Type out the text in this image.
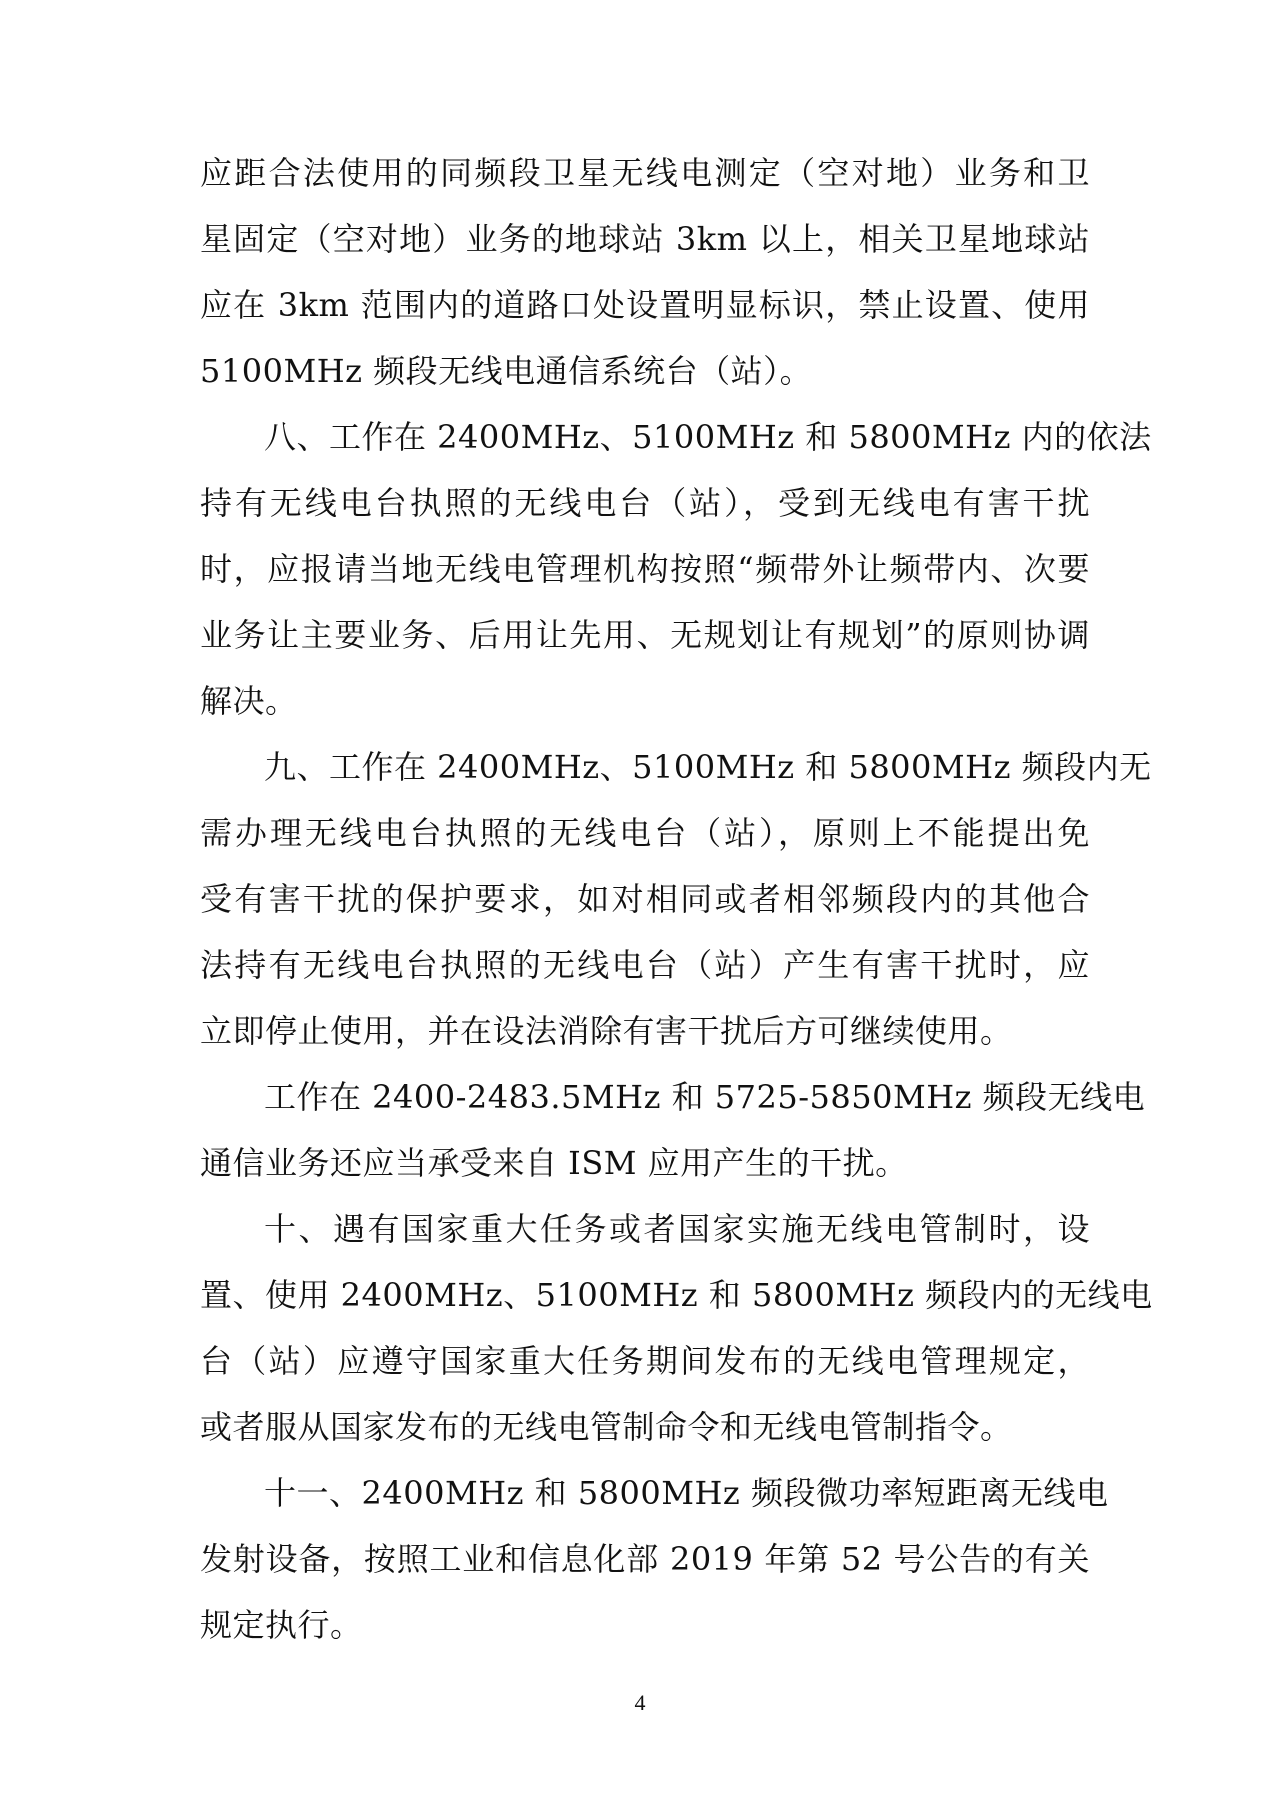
应距合法使用的同频段卫星无线电测定（空对地）业务和卫
星固定（空对地）业务的地球站 3km 以上，相关卫星地球站
应在 3km 范围内的道路口处设置明显标识，禁止设置、使用
5100MHz 频段无线电通信系统台（站）。
八、工作在 2400MHz、5100MHz 和 5800MHz 内的依法
持有无线电台执照的无线电台（站），受到无线电有害干扰
时，应报请当地无线电管理机构按照“频带外让频带内、次要
业务让主要业务、后用让先用、无规划让有规划”的原则协调
解决。
九、工作在 2400MHz、5100MHz 和 5800MHz 频段内无
需办理无线电台执照的无线电台（站），原则上不能提出免
受有害干扰的保护要求，如对相同或者相邻频段内的其他合
法持有无线电台执照的无线电台（站）产生有害干扰时，应
立即停止使用，并在设法消除有害干扰后方可继续使用。
工作在 2400-2483.5MHz 和 5725-5850MHz 频段无线电
通信业务还应当承受来自 ISM 应用产生的干扰。
十、遇有国家重大任务或者国家实施无线电管制时，设
置、使用 2400MHz、5100MHz 和 5800MHz 频段内的无线电
台（站）应遵守国家重大任务期间发布的无线电管理规定，
或者服从国家发布的无线电管制命令和无线电管制指令。
十一、2400MHz 和 5800MHz 频段微功率短距离无线电
发射设备，按照工业和信息化部 2019 年第 52 号公告的有关
规定执行。
4
